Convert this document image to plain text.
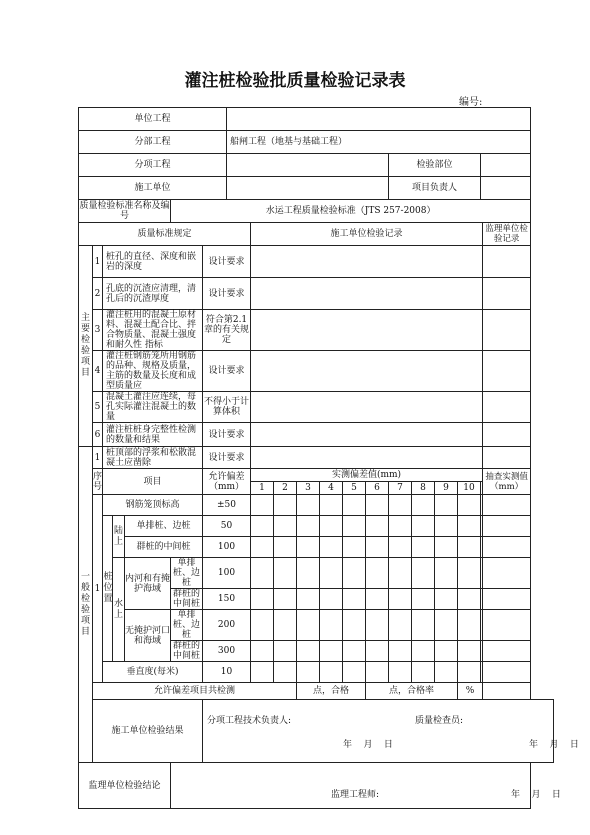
灌注桩检验批质量检验记录表
编号:
单位工程																			
分部工程							船闸工程（地基与基础工程）												
分项工程														检验部位					
施工单位														项目负责人					
质量检验标准名称及编号					水运工程质量检验标准（JTS 257-2008）														
质量标准规定								施工单位检验记录											监理单位检验记录

主要检验项目	1	桩孔的直径、深度和嵌岩的深度				设计要求													
	2	孔底的沉渣应清理，清孔后的沉渣厚度				设计要求													
	3	灌注桩用的混凝土原材料、混凝土配合比、拌合物质量、混凝土强度和耐久性 指标				符合第2.1章的有关规定													
	4	灌注桩钢筋笼所用钢筋的品种、规格及质量，主筋的数量及长度和成型质量应				设计要求													
	5	混凝土灌注应连续，每孔实际灌注混凝土的数量				不得小于计算体积													
	6	灌注桩桩身完整性检测的数量和结果				设计要求													

一般检验项目	1	桩顶部的浮浆和松散混凝土应凿除				设计要求													
	序号	项目				允许偏差（mm）		实测偏差值(mm)											抽查实测值（mm）
								1	2	3	4	5	6	7	8	9	10		
	1	钢筋笼顶标高				±50													

		桩位置	陆上	单排桩、边桩		50													
				群桩的中间桩		100													

			水上	内河和有掩护海域	单排桩、边桩	100													
					群桩的中间桩	150													
				无掩护河口和海域	单排桩、边桩	200													
					群桩的中间桩	300													
		垂直度(每米)				10													
	允许偏差项目共检测									点，合格			点，合格率				%		
	施工单位检验结果					分项工程技术负责人: 质量检查员:
年    月    日 年    月    日													

监理单位检验结论					监理工程师: 年    月    日														
